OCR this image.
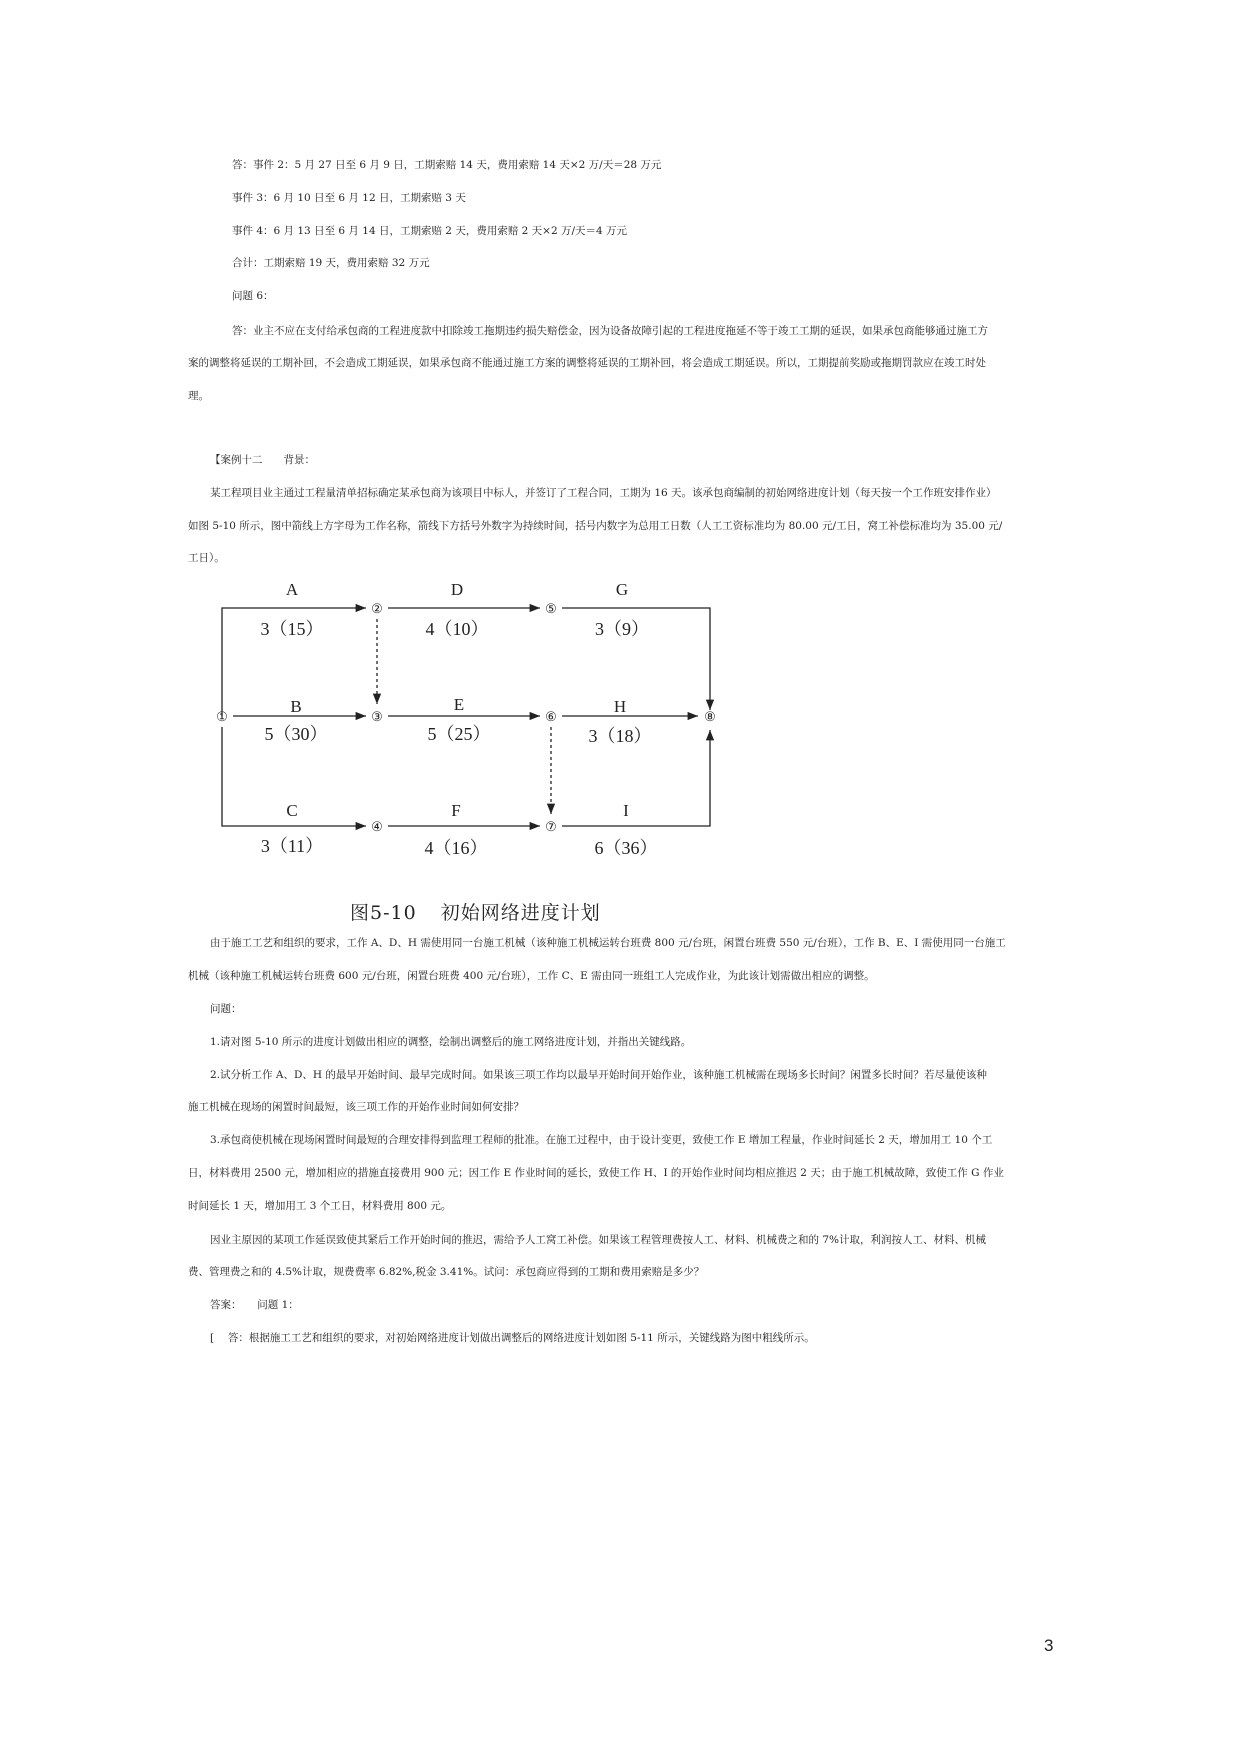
答：事件 2：5 月 27 日至 6 月 9 日，工期索赔 14 天，费用索赔 14 天×2 万/天＝28 万元
事件 3：6 月 10 日至 6 月 12 日，工期索赔 3 天
事件 4：6 月 13 日至 6 月 14 日，工期索赔 2 天，费用索赔 2 天×2 万/天＝4 万元
合计：工期索赔 19 天，费用索赔 32 万元
问题 6：
答：业主不应在支付给承包商的工程进度款中扣除竣工拖期违约损失赔偿金，因为设备故障引起的工程进度拖延不等于竣工工期的延误，如果承包商能够通过施工方
案的调整将延误的工期补回，不会造成工期延误，如果承包商不能通过施工方案的调整将延误的工期补回，将会造成工期延误。所以，工期提前奖励或拖期罚款应在竣工时处
理。
【案例十二　　背景：
某工程项目业主通过工程量清单招标确定某承包商为该项目中标人，并签订了工程合同，工期为 16 天。该承包商编制的初始网络进度计划（每天按一个工作班安排作业）
如图 5-10 所示，图中箭线上方字母为工作名称，箭线下方括号外数字为持续时间，括号内数字为总用工日数（人工工资标准均为 80.00 元/工日，窝工补偿标准均为 35.00 元/
工日）。
①
②
③
④
⑤
⑥
⑦
⑧
A
3（15）
D
4（10）
G
3（9）
B
5（30）
E
5（25）
H
3（18）
C
3（11）
F
4（16）
I
6（36）
图5-10 初始网络进度计划
由于施工工艺和组织的要求，工作 A、D、H 需使用同一台施工机械（该种施工机械运转台班费 800 元/台班，闲置台班费 550 元/台班），工作 B、E、I 需使用同一台施工
机械（该种施工机械运转台班费 600 元/台班，闲置台班费 400 元/台班），工作 C、E 需由同一班组工人完成作业，为此该计划需做出相应的调整。
问题：
1.请对图 5-10 所示的进度计划做出相应的调整，绘制出调整后的施工网络进度计划，并指出关键线路。
2.试分析工作 A、D、H 的最早开始时间、最早完成时间。如果该三项工作均以最早开始时间开始作业，该种施工机械需在现场多长时间？闲置多长时间？若尽量使该种
施工机械在现场的闲置时间最短，该三项工作的开始作业时间如何安排？
3.承包商使机械在现场闲置时间最短的合理安排得到监理工程师的批准。在施工过程中，由于设计变更，致使工作 E 增加工程量，作业时间延长 2 天，增加用工 10 个工
日，材料费用 2500 元，增加相应的措施直接费用 900 元；因工作 E 作业时间的延长，致使工作 H、I 的开始作业时间均相应推迟 2 天；由于施工机械故障，致使工作 G 作业
时间延长 1 天，增加用工 3 个工日，材料费用 800 元。
因业主原因的某项工作延误致使其紧后工作开始时间的推迟，需给予人工窝工补偿。如果该工程管理费按人工、材料、机械费之和的 7%计取，利润按人工、材料、机械
费、管理费之和的 4.5%计取，规费费率 6.82%,税金 3.41%。试问：承包商应得到的工期和费用索赔是多少？
答案：　　问题 1：
[　 答：根据施工工艺和组织的要求，对初始网络进度计划做出调整后的网络进度计划如图 5-11 所示，关键线路为图中粗线所示。
3
